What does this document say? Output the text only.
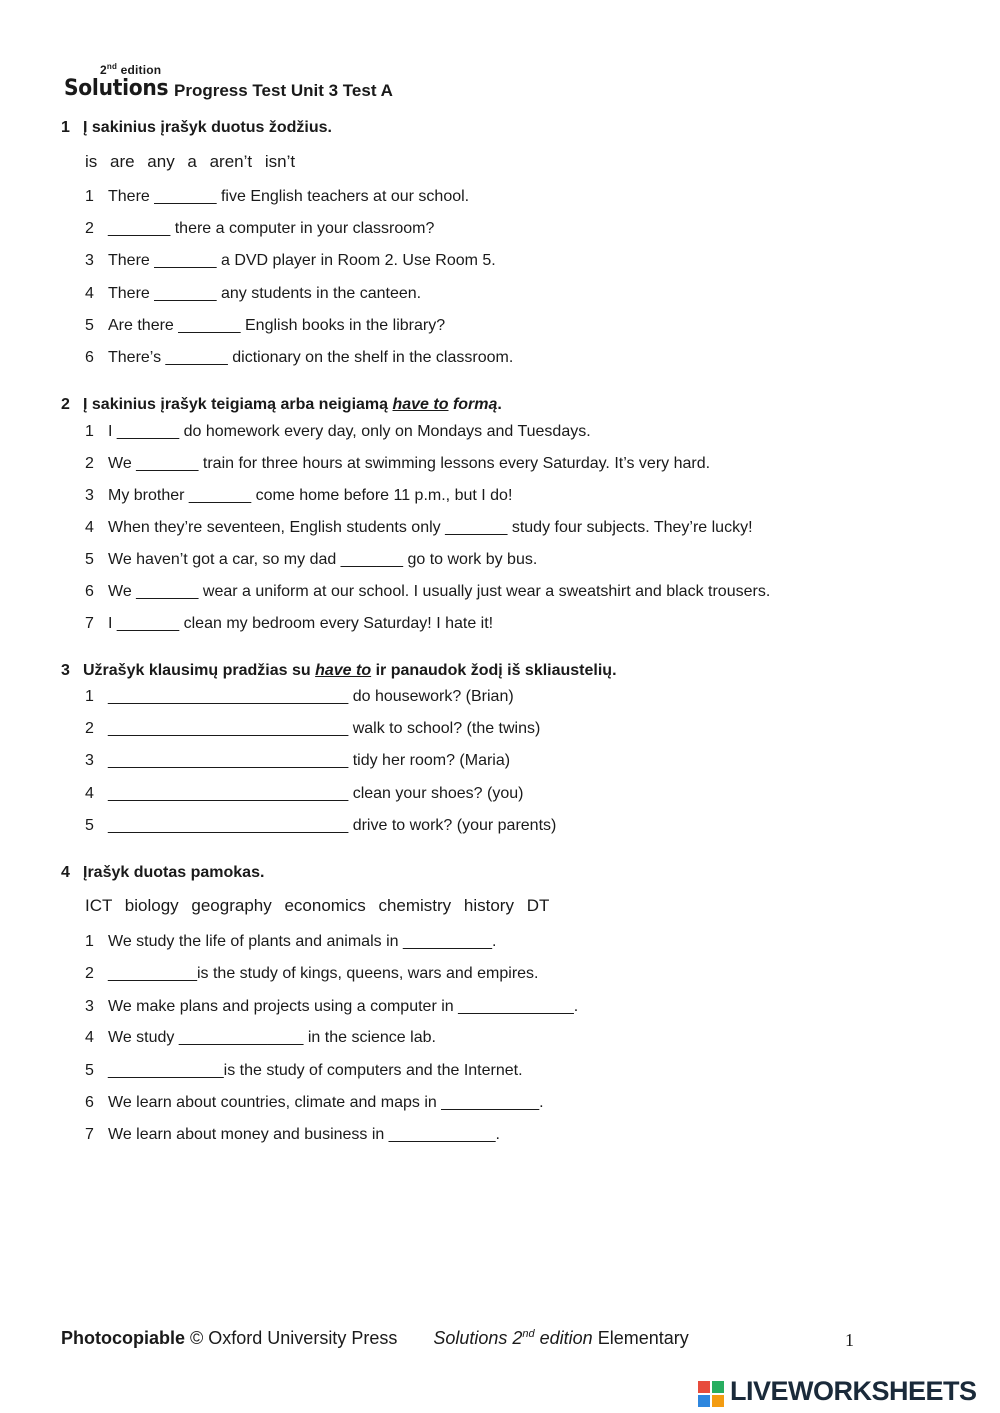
2nd edition
Solutions Progress Test Unit 3 Test A
1 Į sakinius įrašyk duotus žodžius.
is are any a aren’t isn’t
1 There _______ five English teachers at our school.
2 _______ there a computer in your classroom?
3 There _______ a DVD player in Room 2. Use Room 5.
4 There _______ any students in the canteen.
5 Are there _______ English books in the library?
6 There’s _______ dictionary on the shelf in the classroom.
2 Į sakinius įrašyk teigiamą arba neigiamą have to formą.
1 I _______ do homework every day, only on Mondays and Tuesdays.
2 We _______ train for three hours at swimming lessons every Saturday. It’s very hard.
3 My brother _______ come home before 11 p.m., but I do!
4 When they’re seventeen, English students only _______ study four subjects. They’re lucky!
5 We haven’t got a car, so my dad _______ go to work by bus.
6 We _______ wear a uniform at our school. I usually just wear a sweatshirt and black trousers.
7 I _______ clean my bedroom every Saturday! I hate it!
3 Užrašyk klausimų pradžias su have to ir panaudok žodį iš skliaustelių.
1 ___________________________ do housework? (Brian)
2 ___________________________ walk to school? (the twins)
3 ___________________________ tidy her room? (Maria)
4 ___________________________ clean your shoes? (you)
5 ___________________________ drive to work? (your parents)
4 Įrašyk duotas pamokas.
ICT biology geography economics chemistry history DT
1 We study the life of plants and animals in __________.
2 __________is the study of kings, queens, wars and empires.
3 We make plans and projects using a computer in _____________.
4 We study ______________ in the science lab.
5 _____________is the study of computers and the Internet.
6 We learn about countries, climate and maps in ___________.
7 We learn about money and business in ____________.
Photocopiable © Oxford University Press Solutions 2nd edition Elementary	1
LIVEWORKSHEETS
